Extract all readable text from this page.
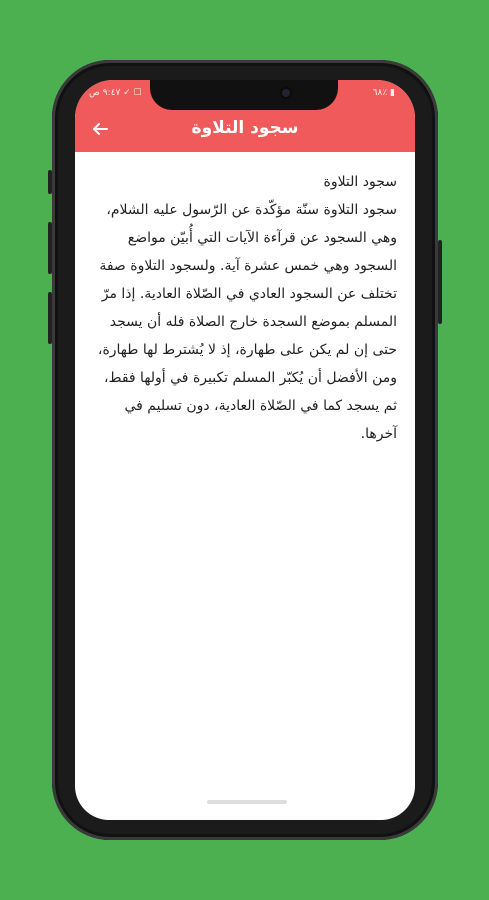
٩:٤٧ ص ✓ ☐	٦٨٪ ▮
سجود التلاوة

سجود التلاوة

سجود التلاوة سنّة مؤكّدة عن الرّسول عليه الشلام، وهي السجود عن قرآءة الآيات التي أُبيّن مواضع السجود وهي خمس عشرة آية. ولسجود التلاوة صفة تختلف عن السجود العادي في الصّلاة العادية. إذا مرّ المسلم بموضع السجدة خارج الصلاة فله أن يسجد حتى إن لم يكن على طهارة، إذ لا يُشترط لها طهارة، ومن الأفضل أن يُكبّر المسلم تكبيرة في أولها فقط، ثم يسجد كما في الصّلاة العادية، دون تسليم في آخرها.
